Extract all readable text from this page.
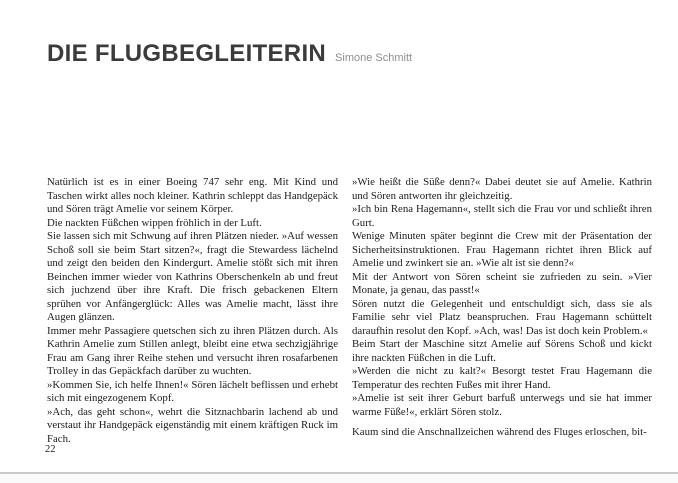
DIE FLUGBEGLEITERIN Simone Schmitt

Natürlich ist es in einer Boeing 747 sehr eng. Mit Kind und Taschen wirkt alles noch kleiner. Kathrin schleppt das Handgepäck und Sören trägt Amelie vor seinem Körper.

Die nackten Füßchen wippen fröhlich in der Luft.

Sie lassen sich mit Schwung auf ihren Plätzen nieder. »Auf wessen Schoß soll sie beim Start sitzen?«, fragt die Stewardess lächelnd und zeigt den beiden den Kindergurt. Amelie stößt sich mit ihren Beinchen immer wieder von Kathrins Oberschenkeln ab und freut sich juchzend über ihre Kraft. Die frisch gebackenen Eltern sprühen vor Anfängerglück: Alles was Amelie macht, lässt ihre Augen glänzen.

Immer mehr Passagiere quetschen sich zu ihren Plätzen durch. Als Kathrin Amelie zum Stillen anlegt, bleibt eine etwa sechzigjährige Frau am Gang ihrer Reihe stehen und versucht ihren rosafarbenen Trolley in das Gepäckfach darüber zu wuchten.

»Kommen Sie, ich helfe Ihnen!« Sören lächelt beflissen und erhebt sich mit eingezogenem Kopf.

»Ach, das geht schon«, wehrt die Sitznachbarin lachend ab und verstaut ihr Handgepäck eigenständig mit einem kräftigen Ruck im Fach.

»Wie heißt die Süße denn?« Dabei deutet sie auf Amelie. Kathrin und Sören antworten ihr gleichzeitig.

»Ich bin Rena Hagemann«, stellt sich die Frau vor und schließt ihren Gurt.

Wenige Minuten später beginnt die Crew mit der Präsentation der Sicherheitsinstruktionen. Frau Hagemann richtet ihren Blick auf Amelie und zwinkert sie an. »Wie alt ist sie denn?«

Mit der Antwort von Sören scheint sie zufrieden zu sein. »Vier Monate, ja genau, das passt!«

Sören nutzt die Gelegenheit und entschuldigt sich, dass sie als Familie sehr viel Platz beanspruchen. Frau Hagemann schüttelt daraufhin resolut den Kopf. »Ach, was! Das ist doch kein Problem.«

Beim Start der Maschine sitzt Amelie auf Sörens Schoß und kickt ihre nackten Füßchen in die Luft.

»Werden die nicht zu kalt?« Besorgt testet Frau Hagemann die Temperatur des rechten Fußes mit ihrer Hand.

»Amelie ist seit ihrer Geburt barfuß unterwegs und sie hat immer warme Füße!«, erklärt Sören stolz.

Kaum sind die Anschnallzeichen während des Fluges erloschen, bit-

22
